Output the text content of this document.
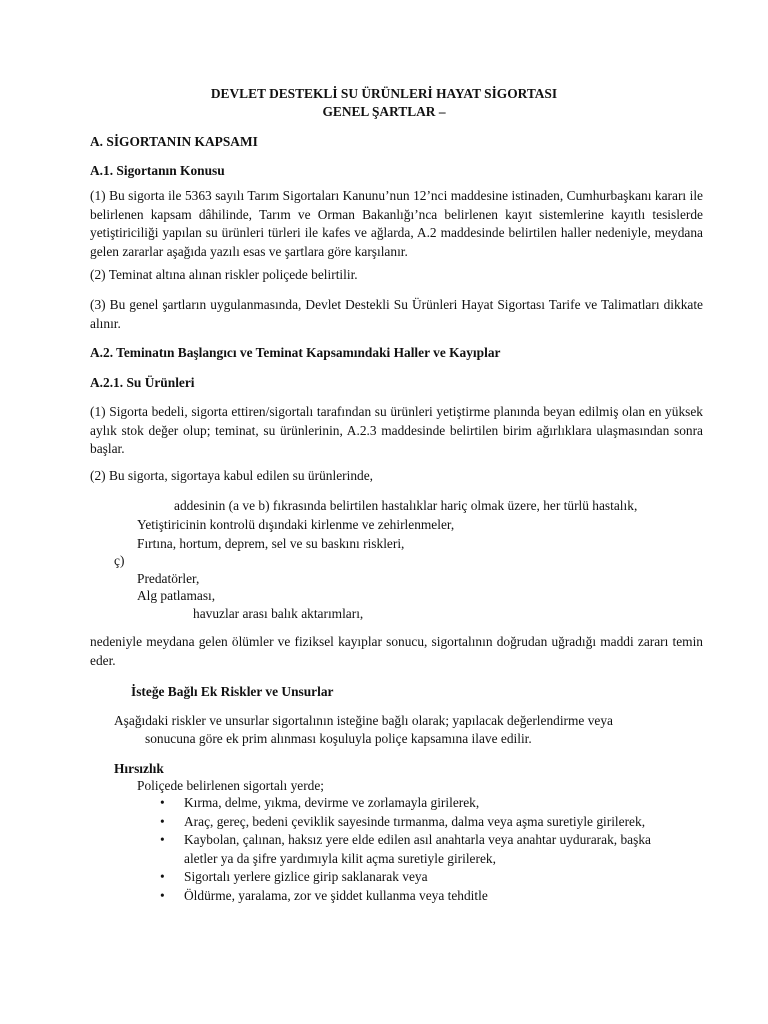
DEVLET DESTEKLİ SU ÜRÜNLERİ HAYAT SİGORTASI
GENEL ŞARTLAR –
A. SİGORTANIN KAPSAMI
A.1. Sigortanın Konusu
(1) Bu sigorta ile 5363 sayılı Tarım Sigortaları Kanunu’nun 12’nci maddesine istinaden, Cumhurbaşkanı kararı ile belirlenen kapsam dâhilinde, Tarım ve Orman Bakanlığı’nca belirlenen kayıt sistemlerine kayıtlı tesislerde yetiştiriciliği yapılan su ürünleri türleri ile kafes ve ağlarda, A.2 maddesinde belirtilen haller nedeniyle, meydana gelen zararlar aşağıda yazılı esas ve şartlara göre karşılanır.
(2) Teminat altına alınan riskler poliçede belirtilir.
(3) Bu genel şartların uygulanmasında, Devlet Destekli Su Ürünleri Hayat Sigortası Tarife ve Talimatları dikkate alınır.
A.2. Teminatın Başlangıcı ve Teminat Kapsamındaki Haller ve Kayıplar
A.2.1. Su Ürünleri
(1) Sigorta bedeli, sigorta ettiren/sigortalı tarafından su ürünleri yetiştirme planında beyan edilmiş olan en yüksek aylık stok değer olup; teminat, su ürünlerinin, A.2.3 maddesinde belirtilen birim ağırlıklara ulaşmasından sonra başlar.
(2) Bu sigorta, sigortaya kabul edilen su ürünlerinde,
addesinin (a ve b) fıkrasında belirtilen hastalıklar hariç olmak üzere, her türlü hastalık,
Yetiştiricinin kontrolü dışındaki kirlenme ve zehirlenmeler,
Fırtına, hortum, deprem, sel ve su baskını riskleri,
ç)
Predatörler,
Alg patlaması,
havuzlar arası balık aktarımları,
nedeniyle meydana gelen ölümler ve fiziksel kayıplar sonucu, sigortalının doğrudan uğradığı maddi zararı temin eder.
İsteğe Bağlı Ek Riskler ve Unsurlar
Aşağıdaki riskler ve unsurlar sigortalının isteğine bağlı olarak; yapılacak değerlendirme veya
sonucuna göre ek prim alınması koşuluyla poliçe kapsamına ilave edilir.
Hırsızlık
Poliçede belirlenen sigortalı yerde;
• Kırma, delme, yıkma, devirme ve zorlamayla girilerek,
• Araç, gereç, bedeni çeviklik sayesinde tırmanma, dalma veya aşma suretiyle girilerek,
• Kaybolan, çalınan, haksız yere elde edilen asıl anahtarla veya anahtar uydurarak, başka aletler ya da şifre yardımıyla kilit açma suretiyle girilerek,
• Sigortalı yerlere gizlice girip saklanarak veya
• Öldürme, yaralama, zor ve şiddet kullanma veya tehditle
